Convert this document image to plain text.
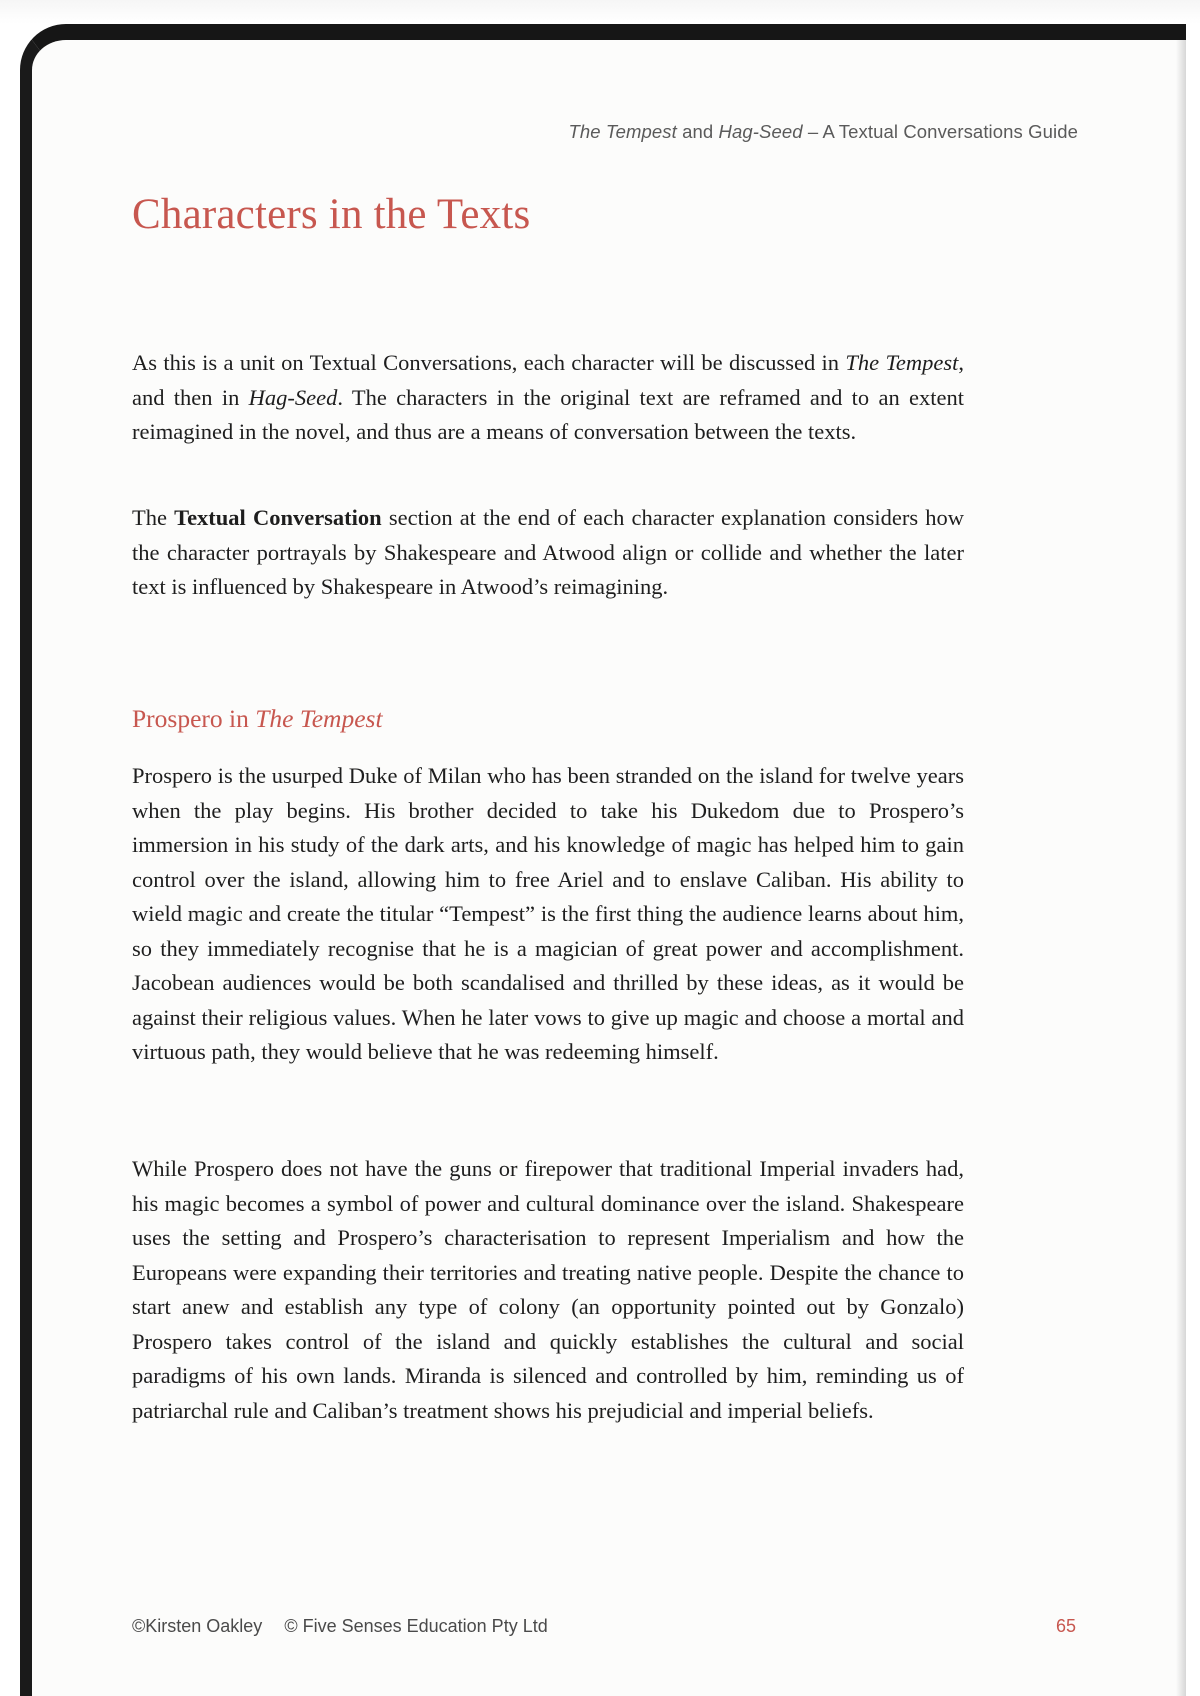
The Tempest and Hag-Seed – A Textual Conversations Guide
Characters in the Texts

As this is a unit on Textual Conversations, each character will be discussed in The Tempest, and then in Hag-Seed. The characters in the original text are reframed and to an extent reimagined in the novel, and thus are a means of conversation between the texts.

The Textual Conversation section at the end of each character explanation considers how the character portrayals by Shakespeare and Atwood align or collide and whether the later text is influenced by Shakespeare in Atwood’s reimagining.

Prospero in The Tempest

Prospero is the usurped Duke of Milan who has been stranded on the island for twelve years when the play begins. His brother decided to take his Dukedom due to Prospero’s immersion in his study of the dark arts, and his knowledge of magic has helped him to gain control over the island, allowing him to free Ariel and to enslave Caliban. His ability to wield magic and create the titular “Tempest” is the first thing the audience learns about him, so they immediately recognise that he is a magician of great power and accomplishment. Jacobean audiences would be both scandalised and thrilled by these ideas, as it would be against their religious values. When he later vows to give up magic and choose a mortal and virtuous path, they would believe that he was redeeming himself.

While Prospero does not have the guns or firepower that traditional Imperial invaders had, his magic becomes a symbol of power and cultural dominance over the island. Shakespeare uses the setting and Prospero’s characterisation to represent Imperialism and how the Europeans were expanding their territories and treating native people. Despite the chance to start anew and establish any type of colony (an opportunity pointed out by Gonzalo) Prospero takes control of the island and quickly establishes the cultural and social paradigms of his own lands. Miranda is silenced and controlled by him, reminding us of patriarchal rule and Caliban’s treatment shows his prejudicial and imperial beliefs.

©Kirsten Oakley © Five Senses Education Pty Ltd	65
